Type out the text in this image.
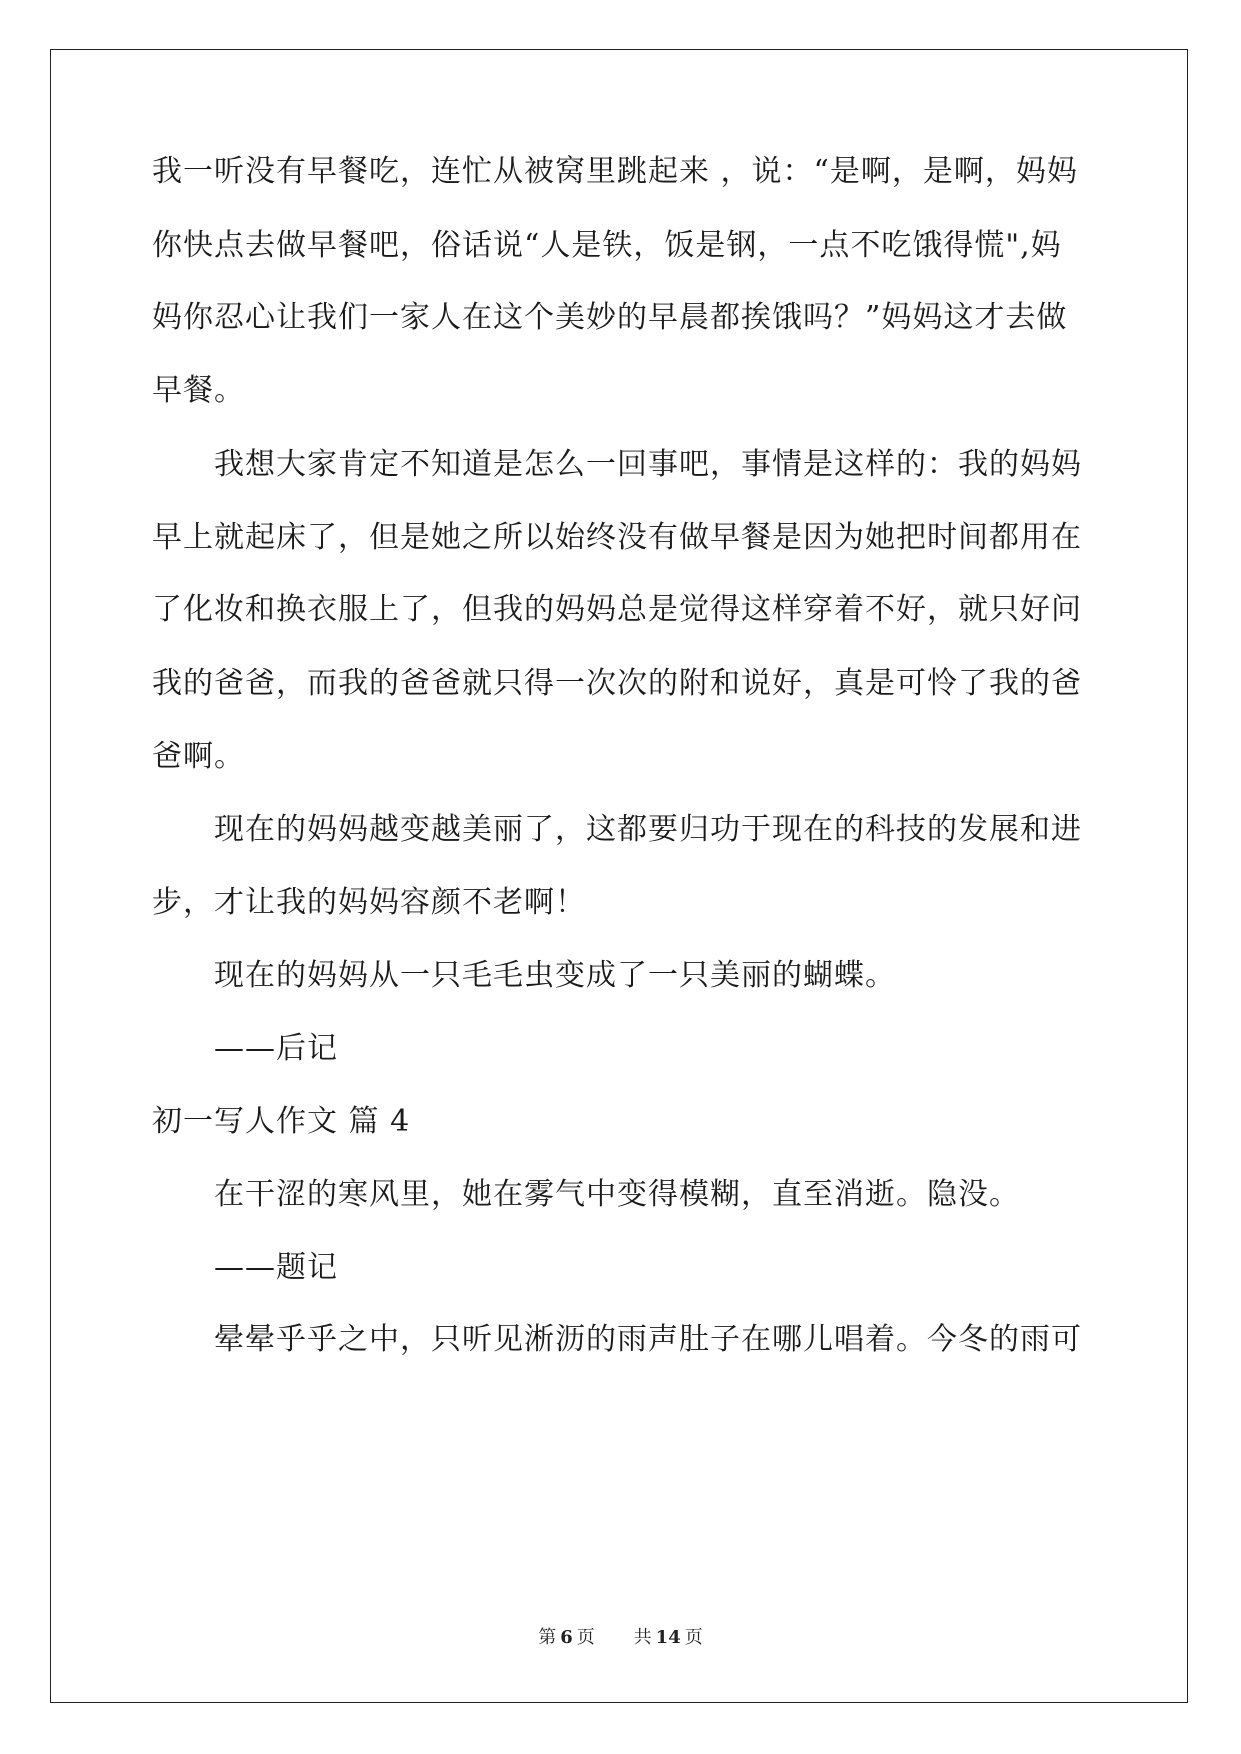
我一听没有早餐吃，连忙从被窝里跳起来 ，说：“是啊，是啊，妈妈
你快点去做早餐吧，俗话说“人是铁，饭是钢，一点不吃饿得慌",妈
妈你忍心让我们一家人在这个美妙的早晨都挨饿吗？”妈妈这才去做
早餐。
我想大家肯定不知道是怎么一回事吧，事情是这样的：我的妈妈
早上就起床了，但是她之所以始终没有做早餐是因为她把时间都用在
了化妆和换衣服上了，但我的妈妈总是觉得这样穿着不好，就只好问
我的爸爸，而我的爸爸就只得一次次的附和说好，真是可怜了我的爸
爸啊。
现在的妈妈越变越美丽了，这都要归功于现在的科技的发展和进
步，才让我的妈妈容颜不老啊！
现在的妈妈从一只毛毛虫变成了一只美丽的蝴蝶。
——后记
初一写人作文 篇 4
在干涩的寒风里，她在雾气中变得模糊，直至消逝。隐没。
——题记
晕晕乎乎之中，只听见淅沥的雨声肚子在哪儿唱着。今冬的雨可
第 6 页 共 14 页
